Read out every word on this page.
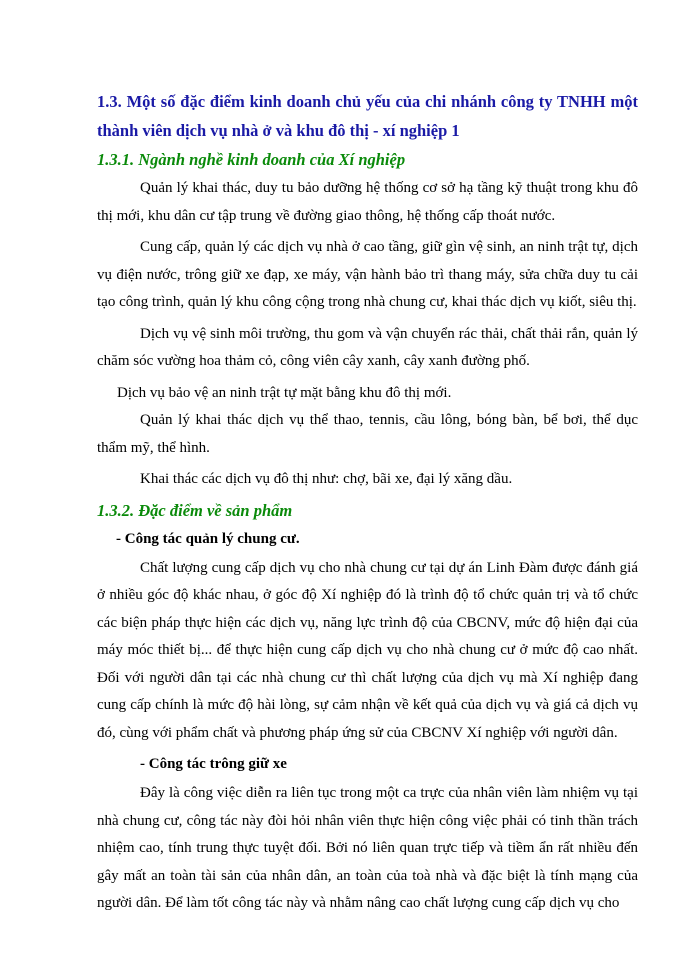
1.3. Một số đặc điểm kinh doanh chủ yếu của chi nhánh công ty TNHH một thành viên dịch vụ nhà ở và khu đô thị - xí nghiệp 1
1.3.1. Ngành nghề kinh doanh của Xí nghiệp

Quản lý khai thác, duy tu bảo dưỡng hệ thống cơ sở hạ tầng kỹ thuật trong khu đô thị mới, khu dân cư tập trung về đường giao thông, hệ thống cấp thoát nước.

Cung cấp, quản lý các dịch vụ nhà ở cao tầng, giữ gìn vệ sinh, an ninh trật tự, dịch vụ điện nước, trông giữ xe đạp, xe máy, vận hành bảo trì thang máy, sửa chữa duy tu cải tạo công trình, quản lý khu công cộng trong nhà chung cư, khai thác dịch vụ kiốt, siêu thị.

Dịch vụ vệ sinh môi trường, thu gom và vận chuyển rác thải, chất thải rắn, quản lý chăm sóc vường hoa thảm cỏ, công viên cây xanh, cây xanh đường phố.

Dịch vụ bảo vệ an ninh trật tự mặt bằng khu đô thị mới.

Quản lý khai thác dịch vụ thể thao, tennis, cầu lông, bóng bàn, bể bơi, thể dục thẩm mỹ, thể hình.

Khai thác các dịch vụ đô thị như: chợ, bãi xe, đại lý xăng dầu.

1.3.2. Đặc điểm về sản phẩm
- Công tác quản lý chung cư.

Chất lượng cung cấp dịch vụ cho nhà chung cư tại dự án Linh Đàm được đánh giá ở nhiều góc độ khác nhau, ở góc độ Xí nghiệp đó là trình độ tổ chức quản trị và tổ chức các biện pháp thực hiện các dịch vụ, năng lực trình độ của CBCNV, mức độ hiện đại của máy móc thiết bị... để thực hiện cung cấp dịch vụ cho nhà chung cư ở mức độ cao nhất. Đối với người dân tại các nhà chung cư thì chất lượng của dịch vụ mà Xí nghiệp đang cung cấp chính là mức độ hài lòng, sự cảm nhận về kết quả của dịch vụ và giá cả dịch vụ đó, cùng với phẩm chất và phương pháp ứng sử của CBCNV Xí nghiệp với người dân.

- Công tác trông giữ xe

Đây là công việc diễn ra liên tục trong một ca trực của nhân viên làm nhiệm vụ tại nhà chung cư, công tác này đòi hỏi nhân viên thực hiện công việc phải có tinh thần trách nhiệm cao, tính trung thực tuyệt đối. Bởi nó liên quan trực tiếp và tiềm ẩn rất nhiều đến gây mất an toàn tài sản của nhân dân, an toàn của toà nhà và đặc biệt là tính mạng của người dân. Để làm tốt công tác này và nhằm nâng cao chất lượng cung cấp dịch vụ cho
